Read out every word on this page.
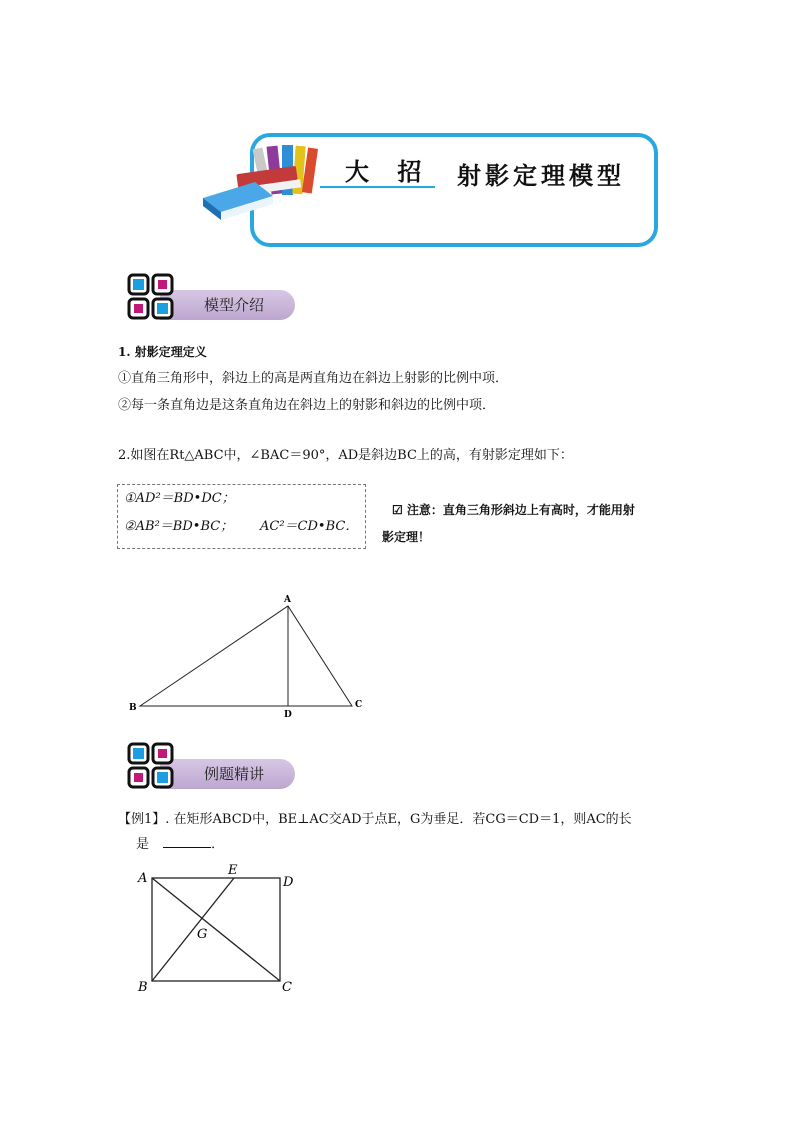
大 招 射影定理模型
模型介绍
1. 射影定理定义
①直角三角形中，斜边上的高是两直角边在斜边上射影的比例中项．
②每一条直角边是这条直角边在斜边上的射影和斜边的比例中项．
2.如图在Rt△ABC中，∠BAC＝90°，AD是斜边BC上的高，有射影定理如下：
①AD²＝BD•DC；
②AB²＝BD•BC； AC²＝CD•BC．
☑ 注意：直角三角形斜边上有高时，才能用射
影定理！
A
B	C
D
例题精讲
【例1】. 在矩形ABCD中，BE⊥AC交AD于点E，G为垂足．若CG＝CD＝1，则AC的长
是	．
A
E
D
G
B	C
